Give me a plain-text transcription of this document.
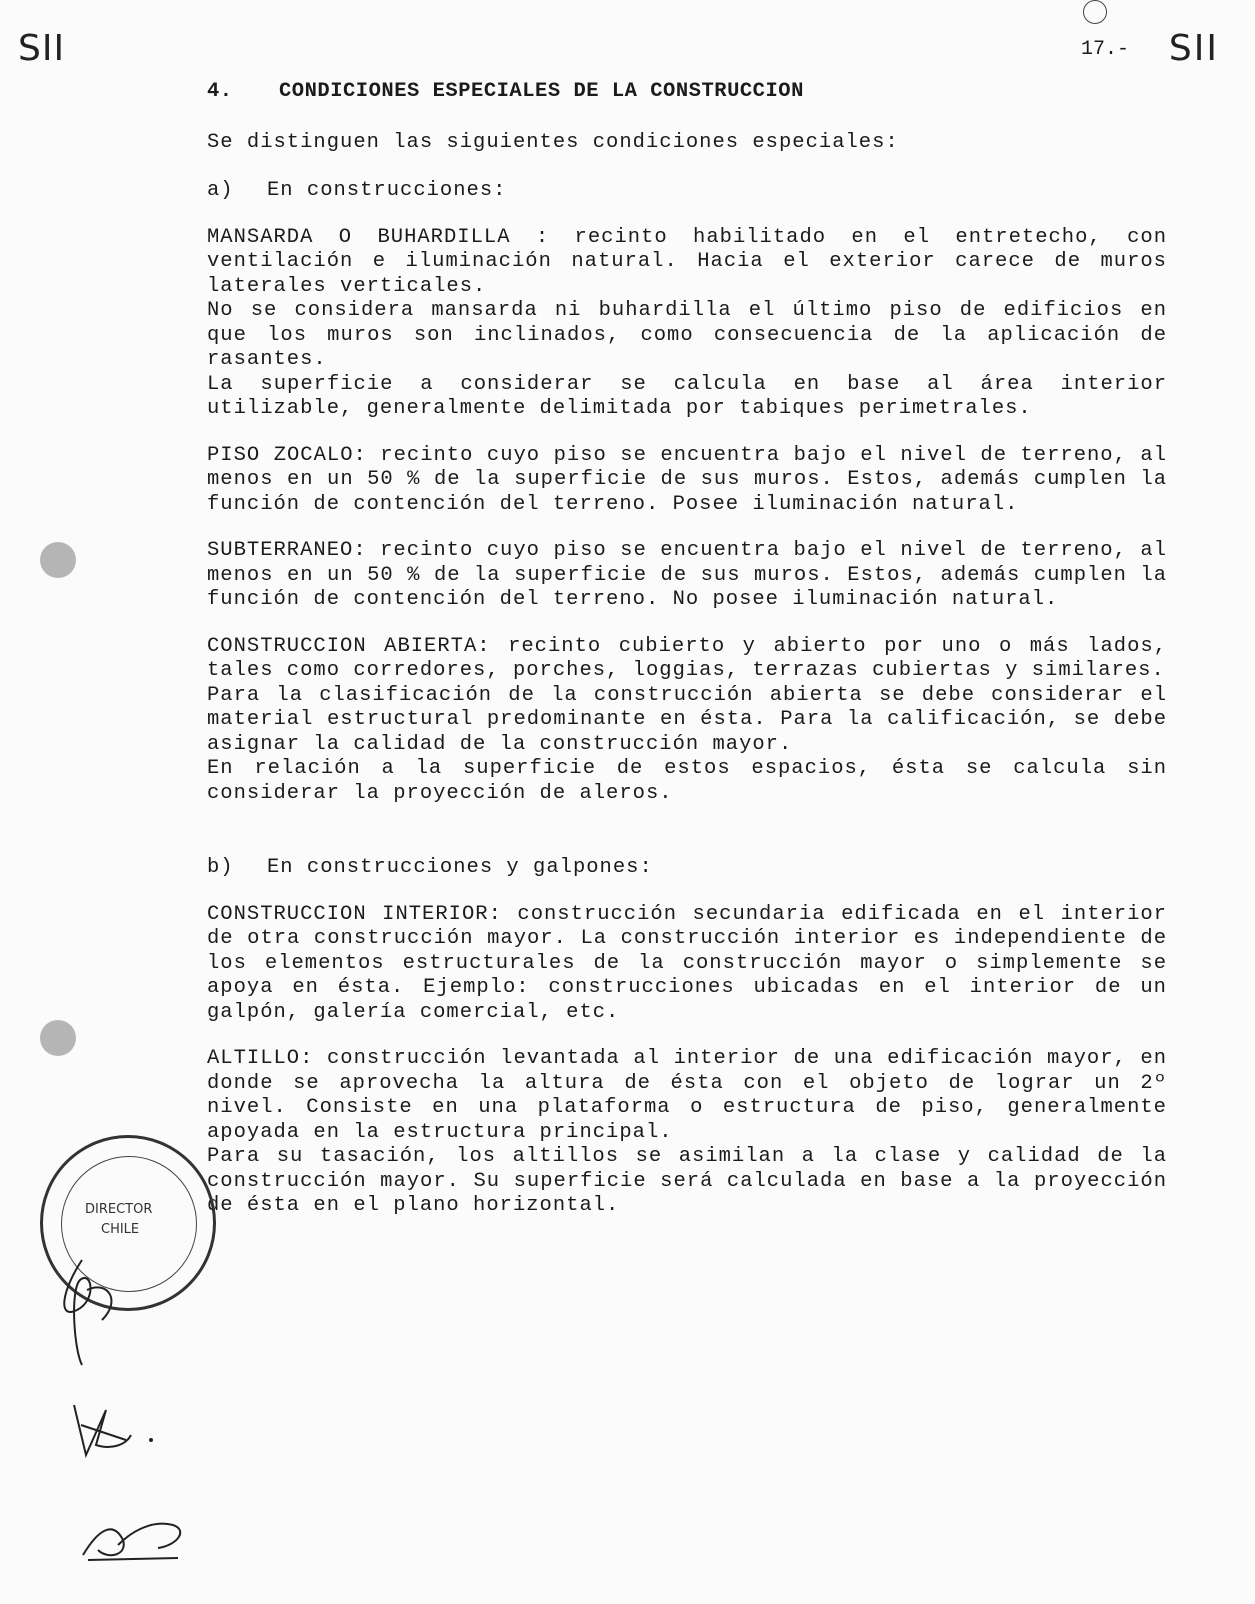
SII	17.- SII
4. CONDICIONES ESPECIALES DE LA CONSTRUCCION
Se distinguen las siguientes condiciones especiales:
a) En construcciones:

MANSARDA O BUHARDILLA : recinto habilitado en el entretecho, con ventilación e iluminación natural. Hacia el exterior carece de muros laterales verticales.

No se considera mansarda ni buhardilla el último piso de edificios en que los muros son inclinados, como consecuencia de la aplicación de rasantes.

La superficie a considerar se calcula en base al área interior utilizable, generalmente delimitada por tabiques perimetrales.

PISO ZOCALO: recinto cuyo piso se encuentra bajo el nivel de terreno, al menos en un 50 % de la superficie de sus muros. Estos, además cumplen la función de contención del terreno. Posee iluminación natural.

SUBTERRANEO: recinto cuyo piso se encuentra bajo el nivel de terreno, al menos en un 50 % de la superficie de sus muros. Estos, además cumplen la función de contención del terreno. No posee iluminación natural.

CONSTRUCCION ABIERTA: recinto cubierto y abierto por uno o más lados, tales como corredores, porches, loggias, terrazas cubiertas y similares.

Para la clasificación de la construcción abierta se debe considerar el material estructural predominante en ésta. Para la calificación, se debe asignar la calidad de la construcción mayor.

En relación a la superficie de estos espacios, ésta se calcula sin considerar la proyección de aleros.

b) En construcciones y galpones:

CONSTRUCCION INTERIOR: construcción secundaria edificada en el interior de otra construcción mayor. La construcción interior es independiente de los elementos estructurales de la construcción mayor o simplemente se apoya en ésta. Ejemplo: construcciones ubicadas en el interior de un galpón, galería comercial, etc.

ALTILLO: construcción levantada al interior de una edificación mayor, en donde se aprovecha la altura de ésta con el objeto de lograr un 2º nivel. Consiste en una plataforma o estructura de piso, generalmente apoyada en la estructura principal.

Para su tasación, los altillos se asimilan a la clase y calidad de la construcción mayor. Su superficie será calculada en base a la proyección de ésta en el plano horizontal.

DIRECTOR
CHILE
